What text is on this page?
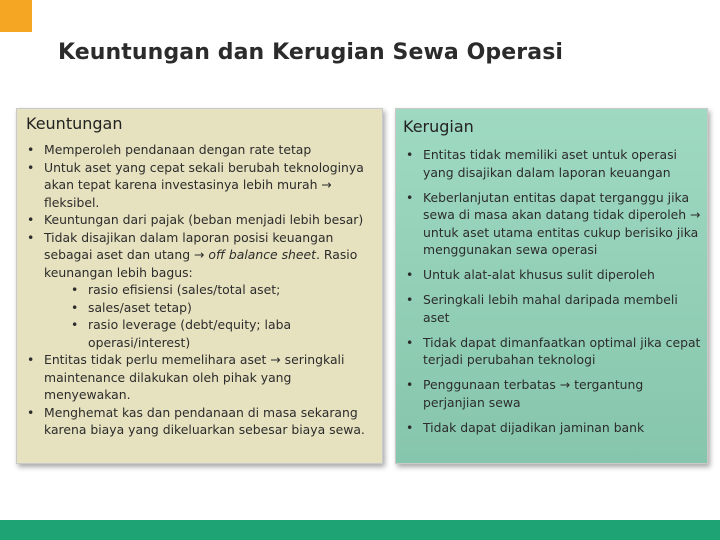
Keuntungan dan Kerugian Sewa Operasi
Keuntungan
• Memperoleh pendanaan dengan rate tetap
• Untuk aset yang cepat sekali berubah teknologinya akan tepat karena investasinya lebih murah → fleksibel.
• Keuntungan dari pajak (beban menjadi lebih besar)
• Tidak disajikan dalam laporan posisi keuangan sebagai aset dan utang → off balance sheet. Rasio keunangan lebih bagus:
• rasio efisiensi (sales/total aset;
• sales/aset tetap)
• rasio leverage (debt/equity; laba operasi/interest)
• Entitas tidak perlu memelihara aset → seringkali maintenance dilakukan oleh pihak yang menyewakan.
• Menghemat kas dan pendanaan di masa sekarang karena biaya yang dikeluarkan sebesar biaya sewa.
Kerugian
• Entitas tidak memiliki aset untuk operasi yang disajikan dalam laporan keuangan
• Keberlanjutan entitas dapat terganggu jika sewa di masa akan datang tidak diperoleh → untuk aset utama entitas cukup berisiko jika menggunakan sewa operasi
• Untuk alat-alat khusus sulit diperoleh
• Seringkali lebih mahal daripada membeli aset
• Tidak dapat dimanfaatkan optimal jika cepat terjadi perubahan teknologi
• Penggunaan terbatas → tergantung perjanjian sewa
• Tidak dapat dijadikan jaminan bank
